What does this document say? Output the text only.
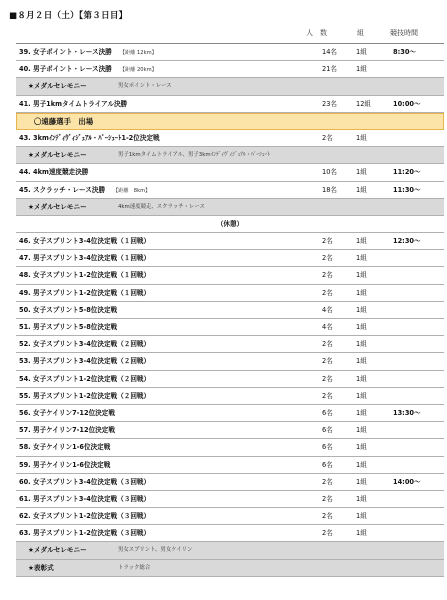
■８月２日（土）【第３日目】
人　数	組	競技時間
39. 女子ポイント・レース決勝 【距離 12km】	14名	1組	8:30〜
40. 男子ポイント・レース決勝 【距離 20km】	21名	1組
★メダルセレモニー	男女ポイント・レース
41. 男子1kmタイムトライアル決勝	23名	12組	10:00〜
〇遠藤選手　出場
43. 3kmｲﾝﾃﾞｨｳﾞｨｼﾞｭｱﾙ・ﾊﾟｰｼｭｰﾄ1-2位決定戦	2名	1組
★メダルセレモニー	男子1kmタイムトライアル、男子3kmｲﾝﾃﾞｨｳﾞｨｼﾞｭｱﾙ・ﾊﾟｰｼｭｰﾄ
44. 4km速度競走決勝	10名	1組	11:20〜
45. スクラッチ・レース決勝 【距離　8km】	18名	1組	11:30〜
★メダルセレモニー	4km速度競走、スクラッチ・レース
（休憩）
46. 女子スプリント3-4位決定戦（１回戦）	2名	1組	12:30〜
47. 男子スプリント3-4位決定戦（１回戦）	2名	1組
48. 女子スプリント1-2位決定戦（１回戦）	2名	1組
49. 男子スプリント1-2位決定戦（１回戦）	2名	1組
50. 女子スプリント5-8位決定戦	4名	1組
51. 男子スプリント5-8位決定戦	4名	1組
52. 女子スプリント3-4位決定戦（２回戦）	2名	1組
53. 男子スプリント3-4位決定戦（２回戦）	2名	1組
54. 女子スプリント1-2位決定戦（２回戦）	2名	1組
55. 男子スプリント1-2位決定戦（２回戦）	2名	1組
56. 女子ケイリン7-12位決定戦	6名	1組	13:30〜
57. 男子ケイリン7-12位決定戦	6名	1組
58. 女子ケイリン1-6位決定戦	6名	1組
59. 男子ケイリン1-6位決定戦	6名	1組
60. 女子スプリント3-4位決定戦（３回戦）	2名	1組	14:00〜
61. 男子スプリント3-4位決定戦（３回戦）	2名	1組
62. 女子スプリント1-2位決定戦（３回戦）	2名	1組
63. 男子スプリント1-2位決定戦（３回戦）	2名	1組
★メダルセレモニー	男女スプリント、男女ケイリン
★表彰式	トラック総合
